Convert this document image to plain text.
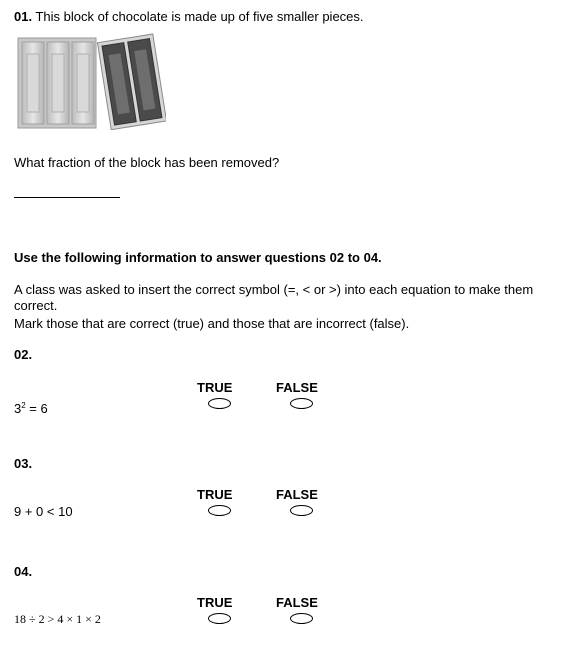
01. This block of chocolate is made up of five smaller pieces.
What fraction of the block has been removed?
Use the following information to answer questions 02 to 04.
A class was asked to insert the correct symbol (=, < or >) into each equation to make them
correct.
Mark those that are correct (true) and those that are incorrect (false).
02.
TRUE	FALSE
$3^2 = 6$
03.
TRUE	FALSE
9 + 0 < 10
04.
TRUE	FALSE
18 ÷ 2 > 4 × 1 × 2
